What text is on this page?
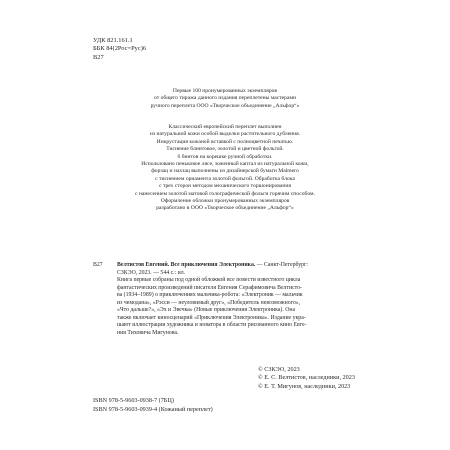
УДК 821.161.1
ББК 84(2Рос=Рус)6
В27
Первые 100 пронумерованных экземпляров
от общего тиража данного издания переплетены мастерами
ручного переплета ООО «Творческое объединение „Альфор“»
Классический европейский переплет выполнен
из натуральной кожи особой выделки растительного дубления.
Инкрустация кожаной вставкой с полноцветной печатью.
Тиснение блинтовое, золотой и цветной фольгой.
6 бинтов на корешке ручной обработки.
Использовано пеньковое лясе, зоженный каптал из натуральной кожи,
форзац и нахзац выполнены из дизайнерской бумаги Malmero
с тиснением орнамента золотой фольгой. Обработка блока
с трех сторон методом механического торшонирования
с нанесением золотой матовой голографической фольги горячим способом.
Оформление обложки пронумерованных экземпляров
разработано в ООО «Творческое объединение „Альфор“»
В27 Велтистов Евгений. Все приключения Электроника. — Санкт-Петербург:
СЗКЭО, 2023. — 544 с.: ил.
Книга первые собраны под одной обложкой все повести известного цикла
фантастических произведений писателя Евгения Серафимовича Велтисто-
ва (1934–1989) о приключениях мальчика-робота: «Электроник — мальчик
из чемодана», «Рэсси — неуловимый друг», «Победитель невозможного»,
«Что дальше?», «Эх и Эвечка» (Новые приключения Электроника). Она
также включает киносценарий «Приключения Электроника». Издание укра-
шают иллюстрации художника и новатора в области рисованного кино Евге-
ния Тиховича Мигунова.
© СЗКЭО, 2023
© Е. С. Велтистов, наследники, 2023
© Е. Т. Мигунов, наследники, 2023
ISBN 978-5-9603-0938-7 (7БЦ)
ISBN 978-5-9603-0939-4 (Кожаный переплет)
